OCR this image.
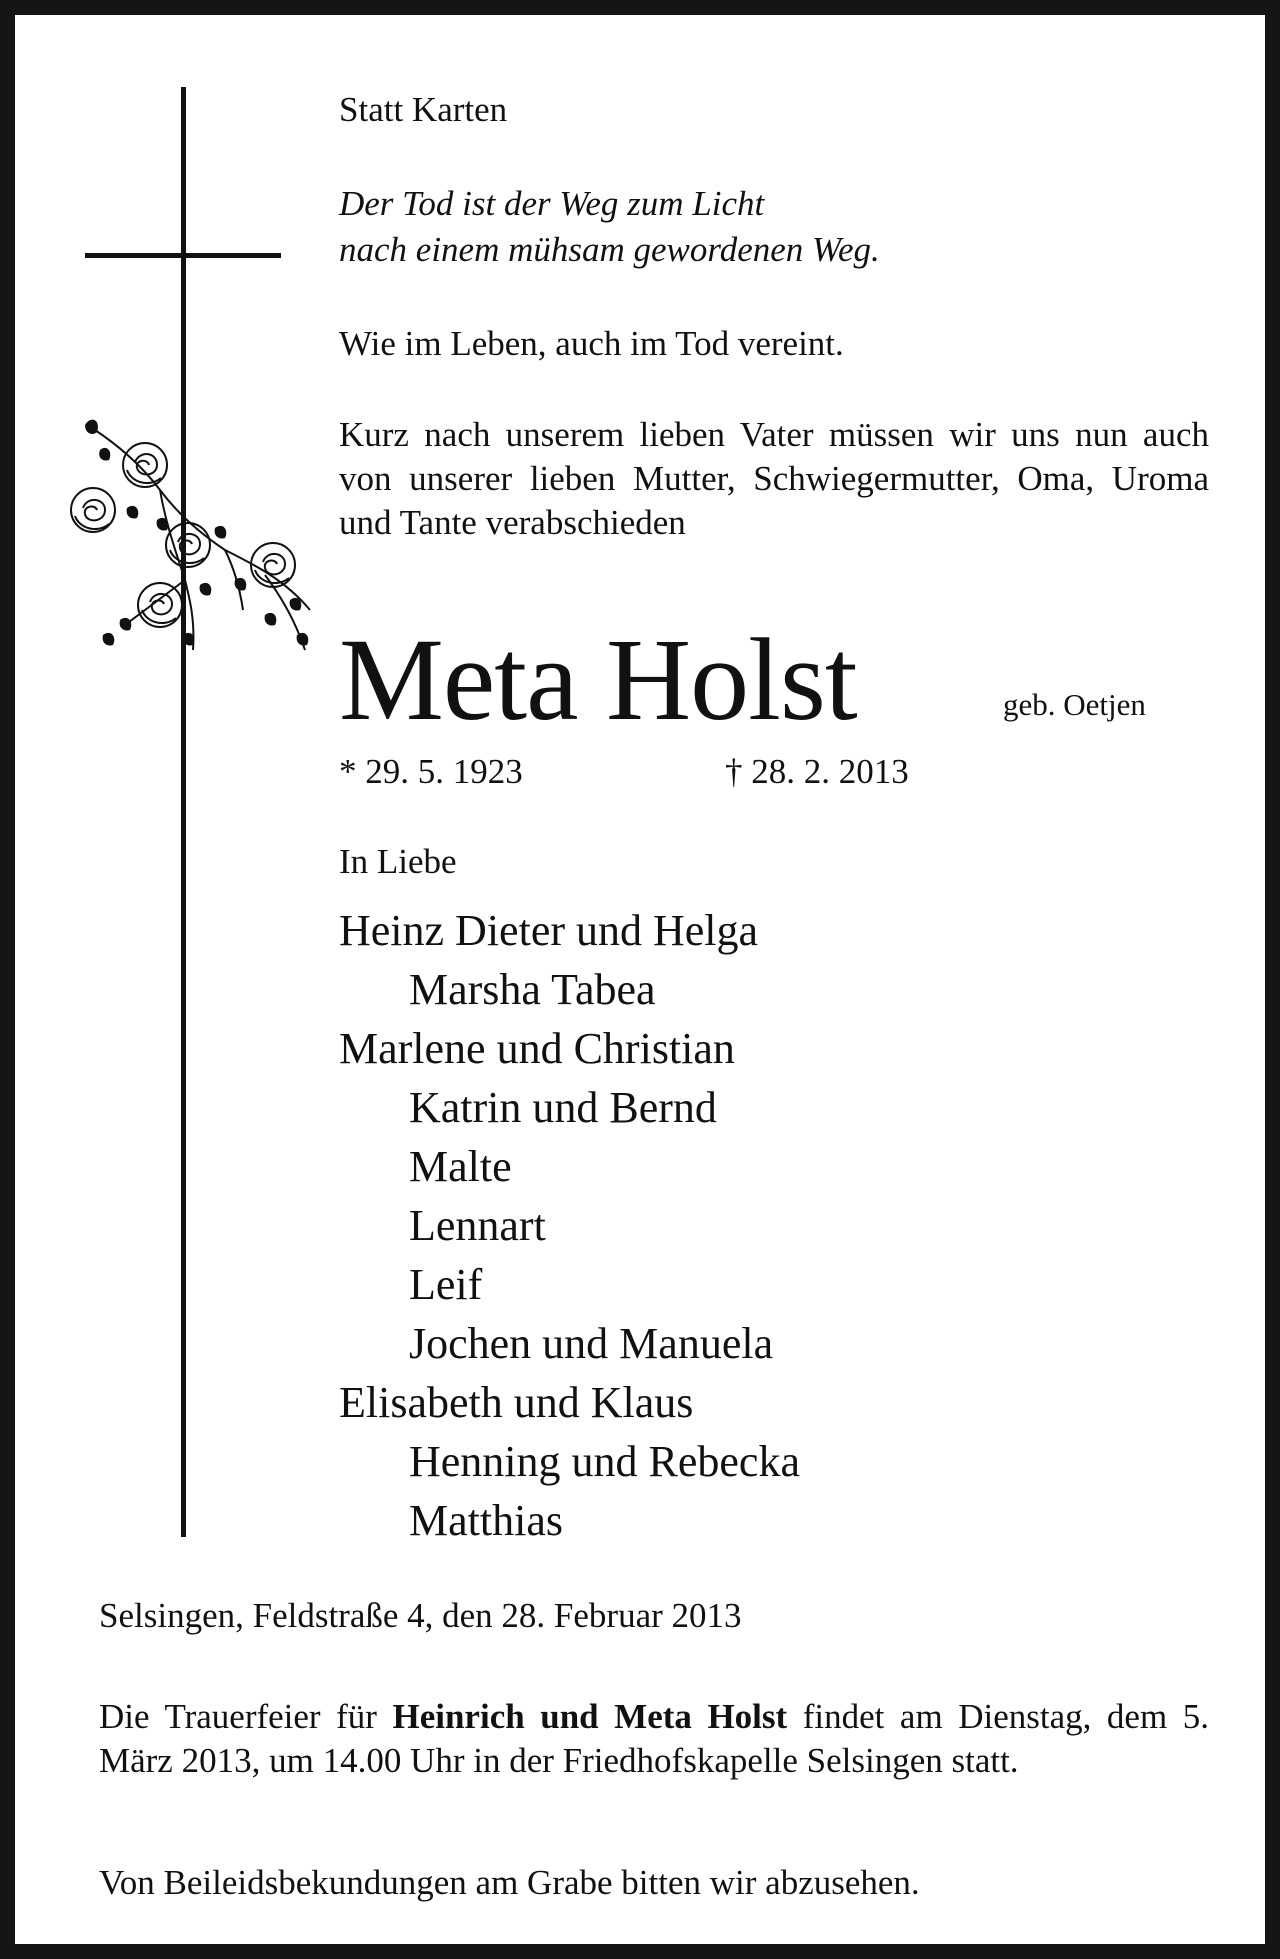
Statt Karten
Der Tod ist der Weg zum Licht
nach einem mühsam gewordenen Weg.
Wie im Leben, auch im Tod vereint.

Kurz nach unserem lieben Vater müssen wir uns nun auch von unserer lieben Mutter, Schwiegermutter, Oma, Uroma und Tante verabschieden

Meta Holst	geb. Oetjen
* 29. 5. 1923	† 28. 2. 2013
In Liebe
Heinz Dieter und Helga
Marsha Tabea
Marlene und Christian
Katrin und Bernd
Malte
Lennart
Leif
Jochen und Manuela
Elisabeth und Klaus
Henning und Rebecka
Matthias
Selsingen, Feldstraße 4, den 28. Februar 2013

Die Trauerfeier für Heinrich und Meta Holst findet am Dienstag, dem 5. März 2013, um 14.00 Uhr in der Friedhofskapelle Selsingen statt.

Von Beileidsbekundungen am Grabe bitten wir abzusehen.
